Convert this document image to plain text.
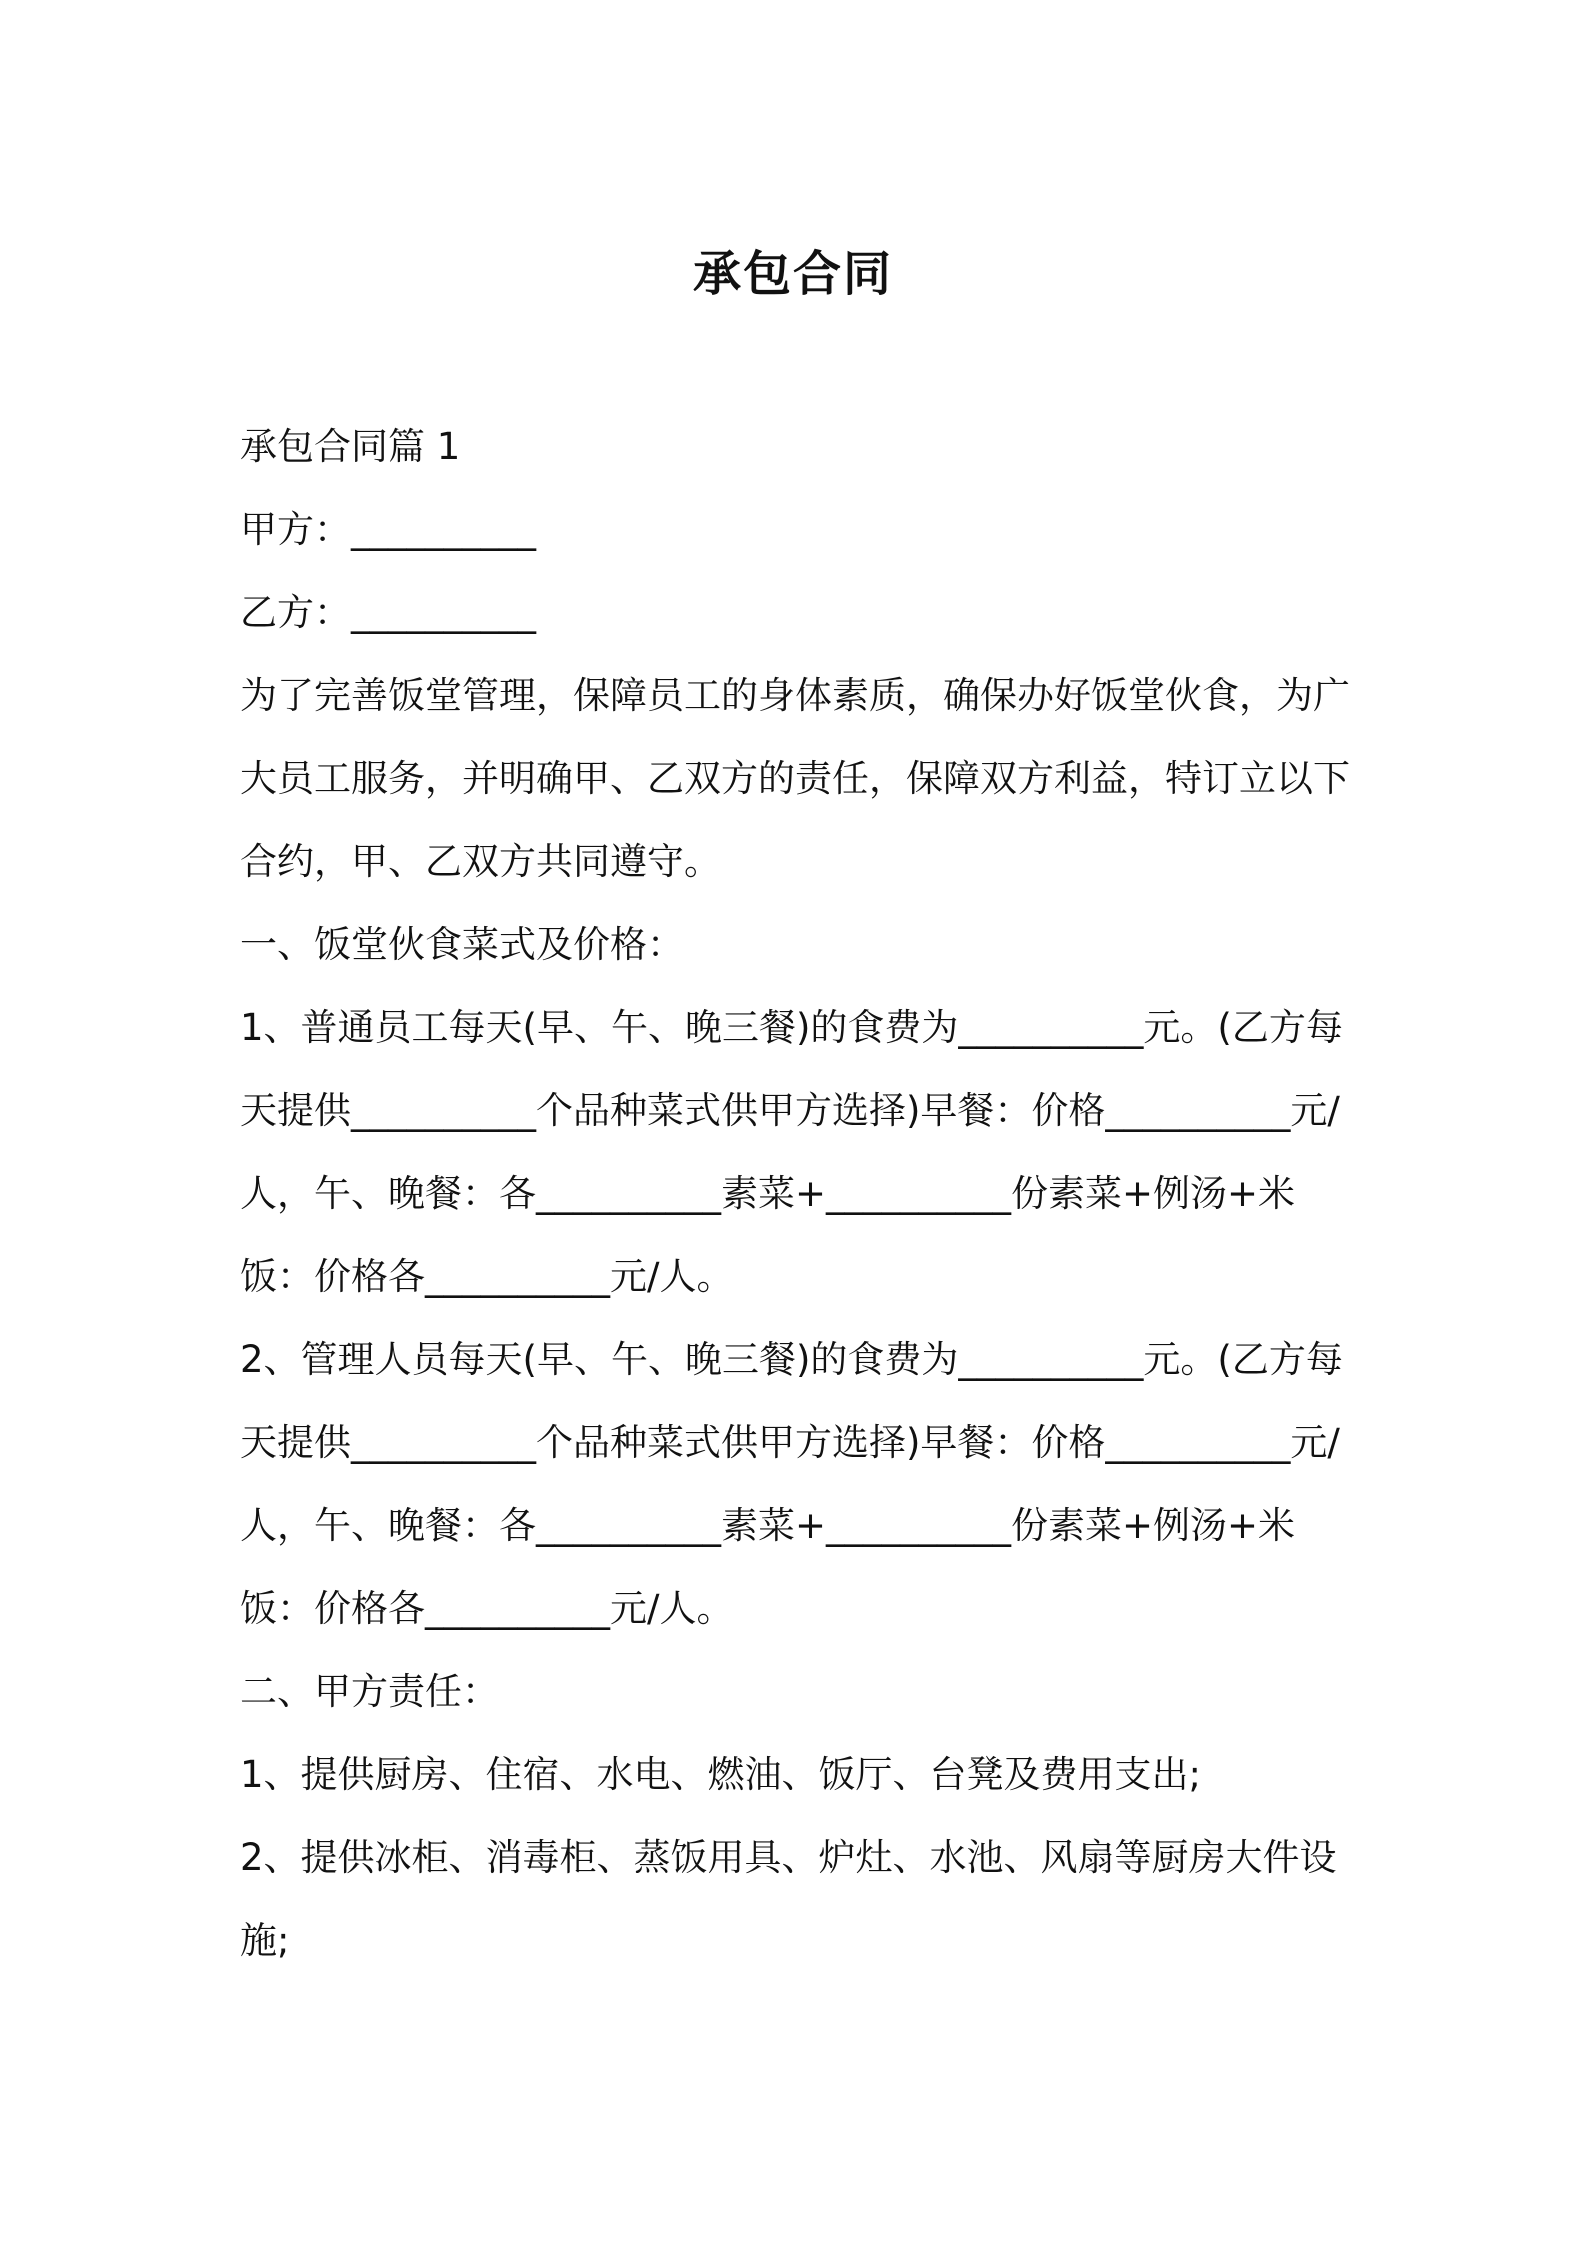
承包合同

承包合同篇 1

甲方：__________

乙方：__________

为了完善饭堂管理，保障员工的身体素质，确保办好饭堂伙食，为广大员工服务，并明确甲、乙双方的责任，保障双方利益，特订立以下合约，甲、乙双方共同遵守。

一、饭堂伙食菜式及价格：

1、普通员工每天(早、午、晚三餐)的食费为__________元。(乙方每天提供__________个品种菜式供甲方选择)早餐：价格__________元/人，午、晚餐：各__________素菜+__________份素菜+例汤+米饭：价格各__________元/人。

2、管理人员每天(早、午、晚三餐)的食费为__________元。(乙方每天提供__________个品种菜式供甲方选择)早餐：价格__________元/人，午、晚餐：各__________素菜+__________份素菜+例汤+米饭：价格各__________元/人。

二、甲方责任：

1、提供厨房、住宿、水电、燃油、饭厅、台凳及费用支出;

2、提供冰柜、消毒柜、蒸饭用具、炉灶、水池、风扇等厨房大件设施;
